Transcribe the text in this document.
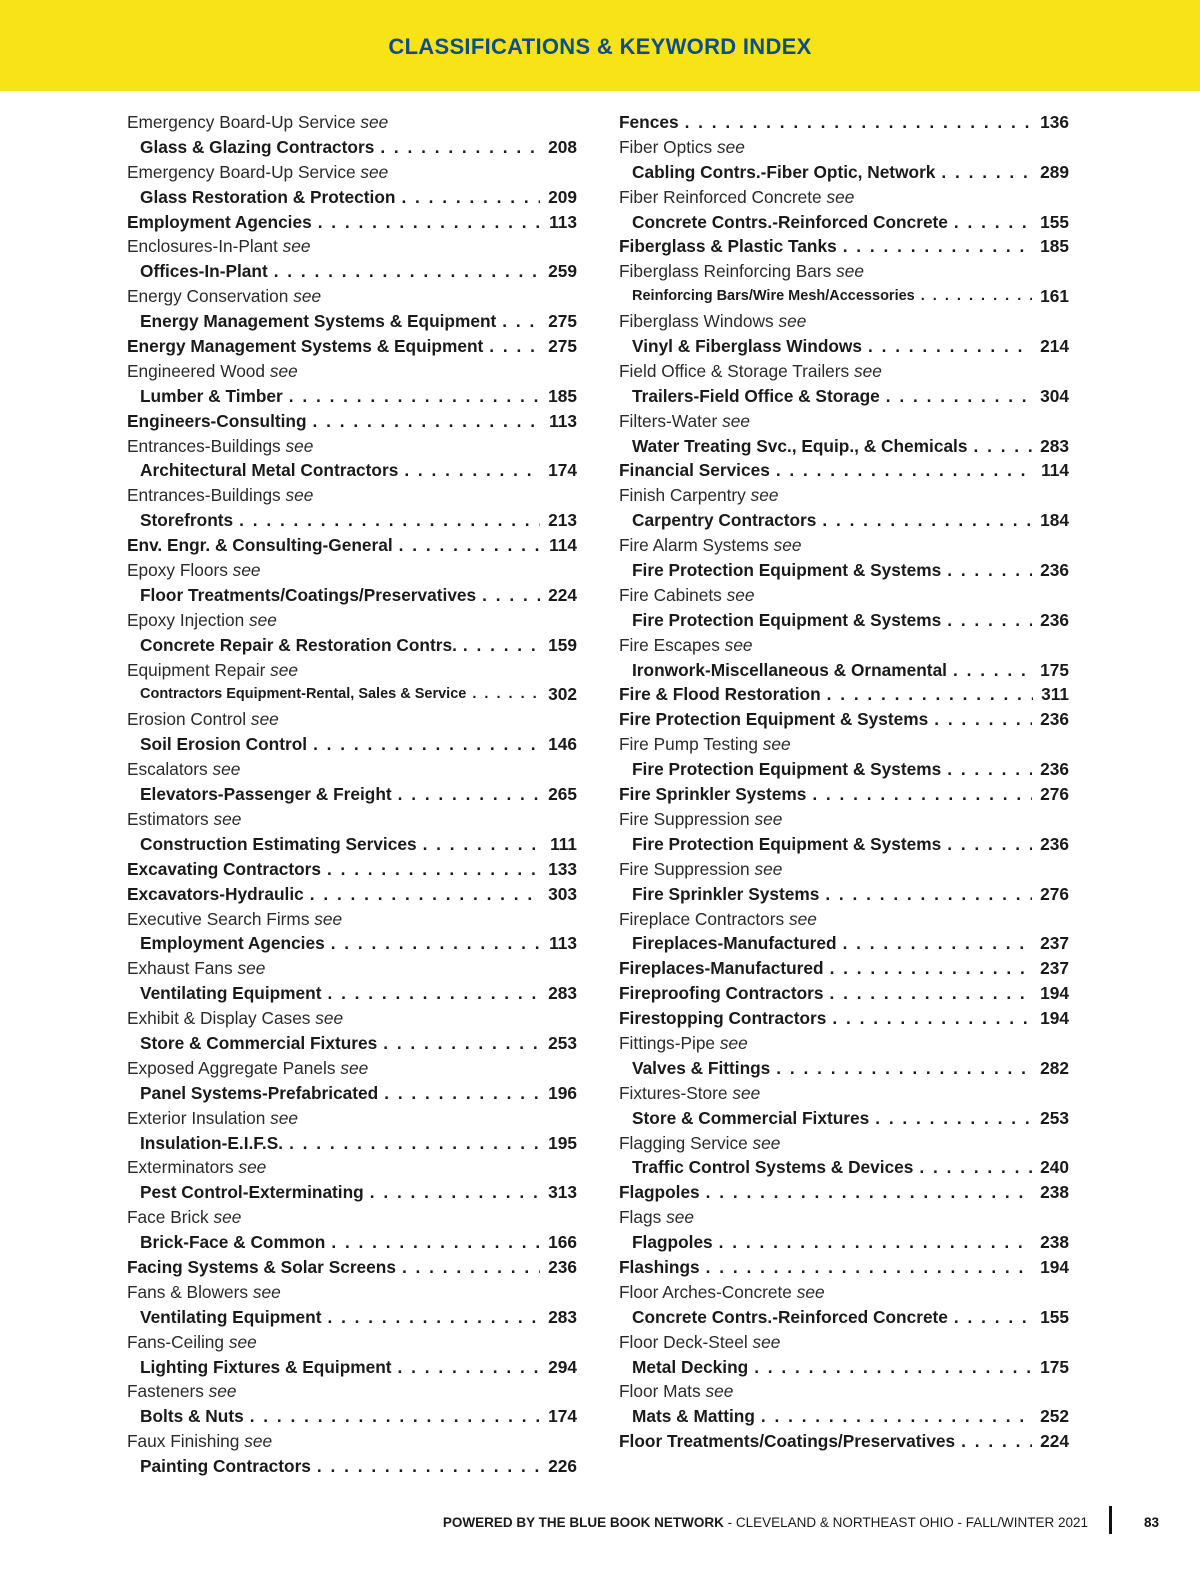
CLASSIFICATIONS & KEYWORD INDEX
Emergency Board-Up Service see
Glass & Glazing Contractors . . .	208
Emergency Board-Up Service see
Glass Restoration & Protection . . .	209
Employment Agencies . . .	113
Enclosures-In-Plant see
Offices-In-Plant . . .	259
Energy Conservation see
Energy Management Systems & Equipment . . .	275
Energy Management Systems & Equipment . . .	275
Engineered Wood see
Lumber & Timber . . .	185
Engineers-Consulting . . .	113
Entrances-Buildings see
Architectural Metal Contractors . . .	174
Entrances-Buildings see
Storefronts . . .	213
Env. Engr. & Consulting-General . . .	114
Epoxy Floors see
Floor Treatments/Coatings/Preservatives . . .	224
Epoxy Injection see
Concrete Repair & Restoration Contrs. . . .	159
Equipment Repair see
Contractors Equipment-Rental, Sales & Service . . .	302
Erosion Control see
Soil Erosion Control . . .	146
Escalators see
Elevators-Passenger & Freight . . .	265
Estimators see
Construction Estimating Services . . .	111
Excavating Contractors . . .	133
Excavators-Hydraulic . . .	303
Executive Search Firms see
Employment Agencies . . .	113
Exhaust Fans see
Ventilating Equipment . . .	283
Exhibit & Display Cases see
Store & Commercial Fixtures . . .	253
Exposed Aggregate Panels see
Panel Systems-Prefabricated . . .	196
Exterior Insulation see
Insulation-E.I.F.S. . . .	195
Exterminators see
Pest Control-Exterminating . . .	313
Face Brick see
Brick-Face & Common . . .	166
Facing Systems & Solar Screens . . .	236
Fans & Blowers see
Ventilating Equipment . . .	283
Fans-Ceiling see
Lighting Fixtures & Equipment . . .	294
Fasteners see
Bolts & Nuts . . .	174
Faux Finishing see
Painting Contractors . . .	226
Fences . . .	136
Fiber Optics see
Cabling Contrs.-Fiber Optic, Network . . .	289
Fiber Reinforced Concrete see
Concrete Contrs.-Reinforced Concrete . . .	155
Fiberglass & Plastic Tanks . . .	185
Fiberglass Reinforcing Bars see
Reinforcing Bars/Wire Mesh/Accessories . . .	161
Fiberglass Windows see
Vinyl & Fiberglass Windows . . .	214
Field Office & Storage Trailers see
Trailers-Field Office & Storage . . .	304
Filters-Water see
Water Treating Svc., Equip., & Chemicals . . .	283
Financial Services . . .	114
Finish Carpentry see
Carpentry Contractors . . .	184
Fire Alarm Systems see
Fire Protection Equipment & Systems . . .	236
Fire Cabinets see
Fire Protection Equipment & Systems . . .	236
Fire Escapes see
Ironwork-Miscellaneous & Ornamental . . .	175
Fire & Flood Restoration . . .	311
Fire Protection Equipment & Systems . . .	236
Fire Pump Testing see
Fire Protection Equipment & Systems . . .	236
Fire Sprinkler Systems . . .	276
Fire Suppression see
Fire Protection Equipment & Systems . . .	236
Fire Suppression see
Fire Sprinkler Systems . . .	276
Fireplace Contractors see
Fireplaces-Manufactured . . .	237
Fireplaces-Manufactured . . .	237
Fireproofing Contractors . . .	194
Firestopping Contractors . . .	194
Fittings-Pipe see
Valves & Fittings . . .	282
Fixtures-Store see
Store & Commercial Fixtures . . .	253
Flagging Service see
Traffic Control Systems & Devices . . .	240
Flagpoles . . .	238
Flags see
Flagpoles . . .	238
Flashings . . .	194
Floor Arches-Concrete see
Concrete Contrs.-Reinforced Concrete . . .	155
Floor Deck-Steel see
Metal Decking . . .	175
Floor Mats see
Mats & Matting . . .	252
Floor Treatments/Coatings/Preservatives . . .	224
POWERED BY THE BLUE BOOK NETWORK - CLEVELAND & NORTHEAST OHIO - FALL/WINTER 2021	83
